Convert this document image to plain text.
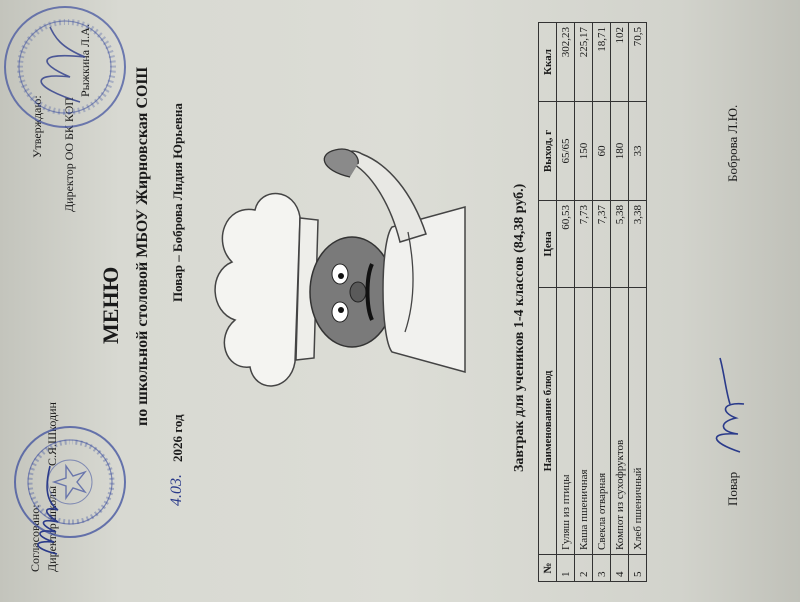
Согласовано: Директор школы
С.Я.Шкодин
Утверждаю: Директор ОО БК КОП
Рыжкина Л.А.
МЕНЮ по школьной столовой МБОУ Жирновская СОШ
4.03.
2026 год
Повар – Боброва Лидия Юрьевна	Завтрак для учеников 1-4 классов (84,38 руб.)
№	Наименование блюд	Цена	Выход, г	Ккал
1	Гуляш из птицы	60,53	65/65	302,23
2	Каша пшеничная	7,73	150	225,17
3	Свекла отварная	7,37	60	18,71
4	Компот из сухофруктов	5,38	180	102
5	Хлеб пшеничный	3,38	33	70,5
Повар
Боброва Л.Ю.
